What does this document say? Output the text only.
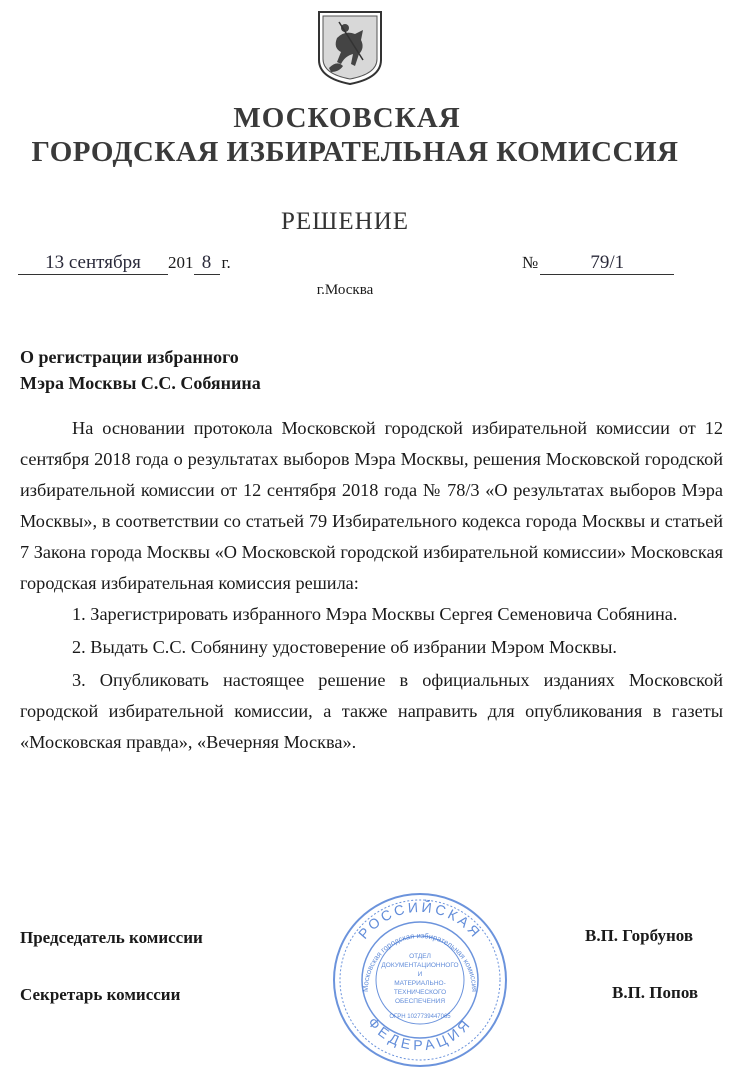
МОСКОВСКАЯ
ГОРОДСКАЯ ИЗБИРАТЕЛЬНАЯ КОМИССИЯ
РЕШЕНИЕ
13 сентября 201 8 г.	№	79/1
г.Москва
О регистрации избранного
Мэра Москвы С.С. Собянина

На основании протокола Московской городской избирательной комиссии от 12 сентября 2018 года о результатах выборов Мэра Москвы, решения Московской городской избирательной комиссии от 12 сентября 2018 года № 78/3 «О результатах выборов Мэра Москвы», в соответствии со статьей 79 Избирательного кодекса города Москвы и статьей 7 Закона города Москвы «О Московской городской избирательной комиссии» Московская городская избирательная комиссия решила:

1. Зарегистрировать избранного Мэра Москвы Сергея Семеновича Собянина.

2. Выдать С.С. Собянину удостоверение об избрании Мэром Москвы.

3. Опубликовать настоящее решение в официальных изданиях Московской городской избирательной комиссии, а также направить для опубликования в газеты «Московская правда», «Вечерняя Москва».

Председатель комиссии	В.П. Горбунов
Секретарь комиссии	В.П. Попов
РОССИЙСКАЯ
ФЕДЕРАЦИЯ
Московская городская избирательная комиссия
ОТДЕЛ
ДОКУМЕНТАЦИОННОГО
И
МАТЕРИАЛЬНО-
ТЕХНИЧЕСКОГО
ОБЕСПЕЧЕНИЯ
ОГРН 1027739447065
